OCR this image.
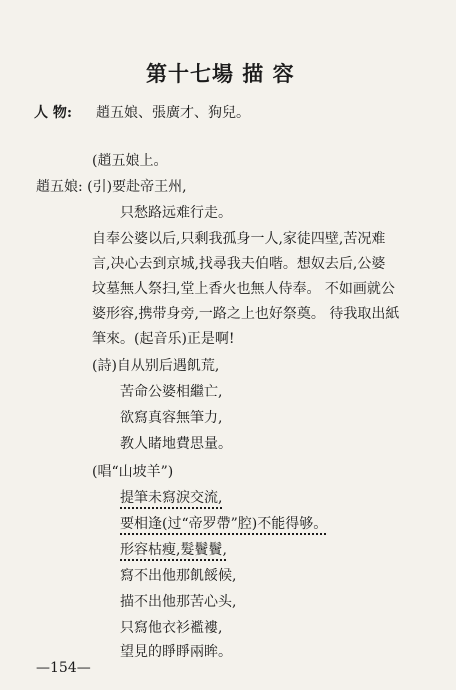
第十七場 描 容
人 物: 趙五娘、張廣才、狗兒。
(趙五娘上。
趙五娘: (引)要赴帝王州,
只愁路远难行走。
自奉公婆以后,只剩我孤身一人,家徒四壁,苦况难
言,决心去到京城,找尋我夫伯喈。想奴去后,公婆
坟墓無人祭扫,堂上香火也無人侍奉。 不如画就公
婆形容,携带身旁,一路之上也好祭奠。 待我取出紙
筆來。(起音乐)正是啊!
(詩)自从别后遇飢荒,
苦命公婆相繼亡,
欲寫真容無筆力,
教人睹地費思量。
(唱“山坡羊”)
提筆未寫淚交流,
要相逢(过“帝罗帶”腔)不能得够。
形容枯瘦,髮鬢鬢,
寫不出他那飢餒候,
描不出他那苦心头,
只寫他衣衫襤褸,
望見的睜睜兩眸。
—154—
